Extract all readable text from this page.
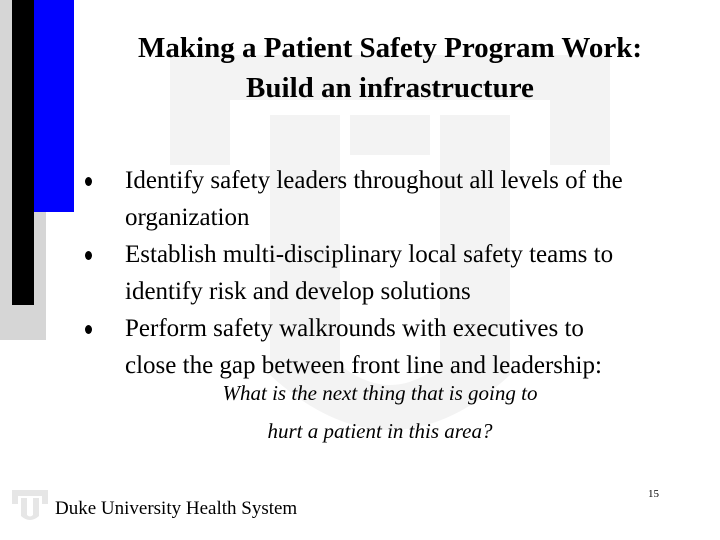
Making a Patient Safety Program Work:
Build an infrastructure
Identify safety leaders throughout all levels of the
organization
Establish multi-disciplinary local safety teams to
identify risk and develop solutions
Perform safety walkrounds with executives to
close the gap between front line and leadership:
What is the next thing that is going to
hurt a patient in this area?
Duke University Health System
15
